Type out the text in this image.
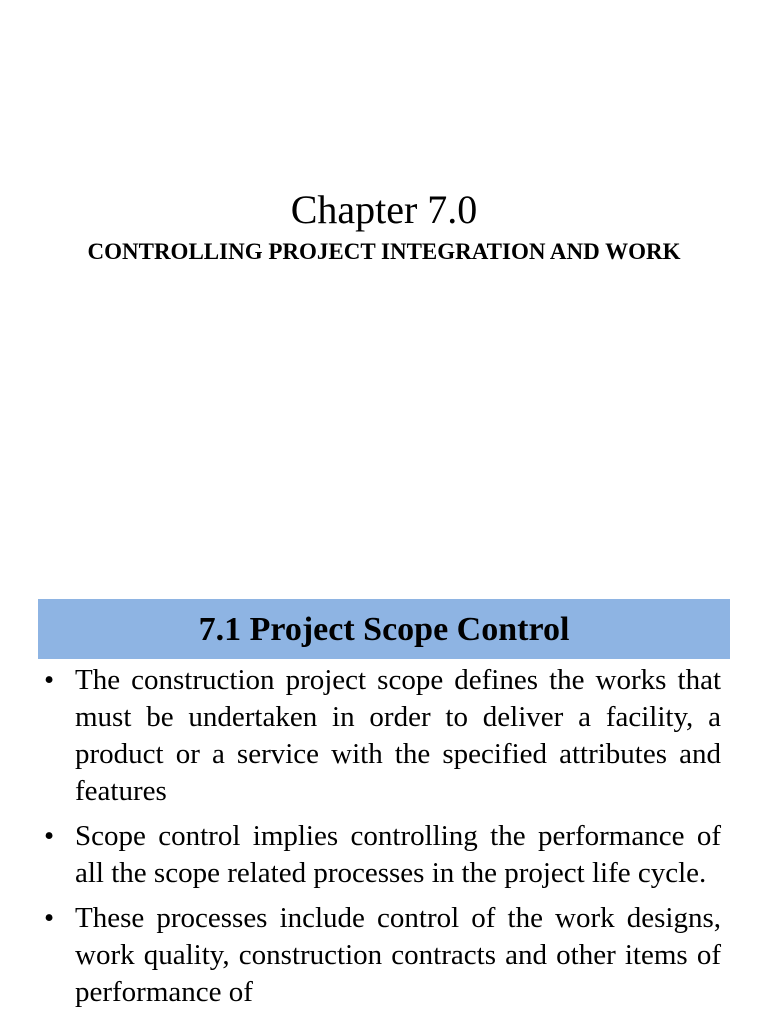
Chapter 7.0
CONTROLLING PROJECT INTEGRATION AND WORK
7.1 Project Scope Control
• The construction project scope defines the works that must be undertaken in order to deliver a facility, a product or a service with the specified attributes and features
• Scope control implies controlling the performance of all the scope related processes in the project life cycle.
• These processes include control of the work designs, work quality, construction contracts and other items of performance of
